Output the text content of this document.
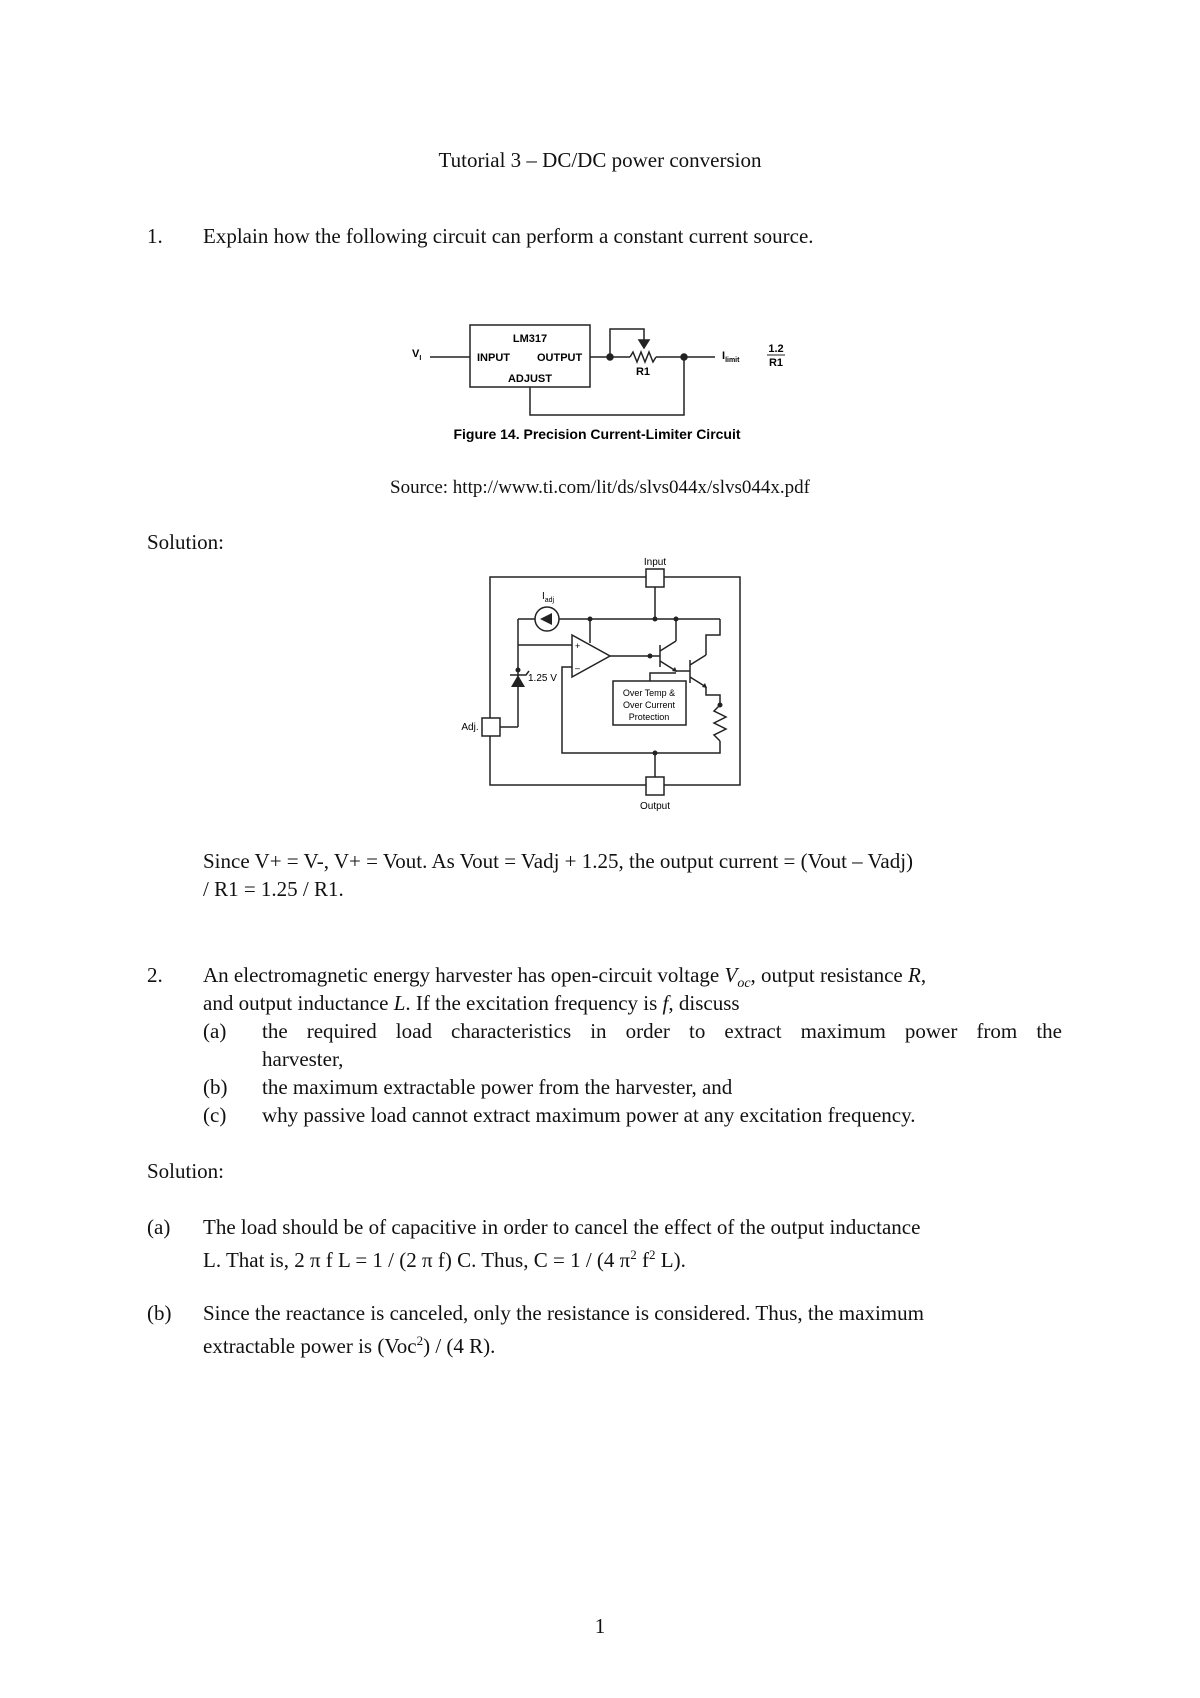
Tutorial 3 – DC/DC power conversion
1. Explain how the following circuit can perform a constant current source.
LM317
INPUT OUTPUT
ADJUST
$V_I$
R1
$I_{limit}$
1.2
R1
Figure 14. Precision Current-Limiter Circuit
Source: http://www.ti.com/lit/ds/slvs044x/slvs044x.pdf
Solution:
Input
Output
Adj.
$I_{adj}$
1.25 V
+
–
Over Temp &
Over Current
Protection
Since V+ = V-, V+ = Vout. As Vout = Vadj + 1.25, the output current = (Vout – Vadj)
/ R1 = 1.25 / R1.
2. An electromagnetic energy harvester has open-circuit voltage $V_{oc}$, output resistance R,
and output inductance L. If the excitation frequency is f, discuss
(a) the required load characteristics in order to extract maximum power from the
harvester,
(b) the maximum extractable power from the harvester, and
(c) why passive load cannot extract maximum power at any excitation frequency.
Solution:
(a) The load should be of capacitive in order to cancel the effect of the output inductance
L. That is, 2 π f L = 1 / (2 π f) C. Thus, C = 1 / (4 $\pi^2$ $f^2$ L).
(b) Since the reactance is canceled, only the resistance is considered. Thus, the maximum
extractable power is (Voc$^2$) / (4 R).
1
